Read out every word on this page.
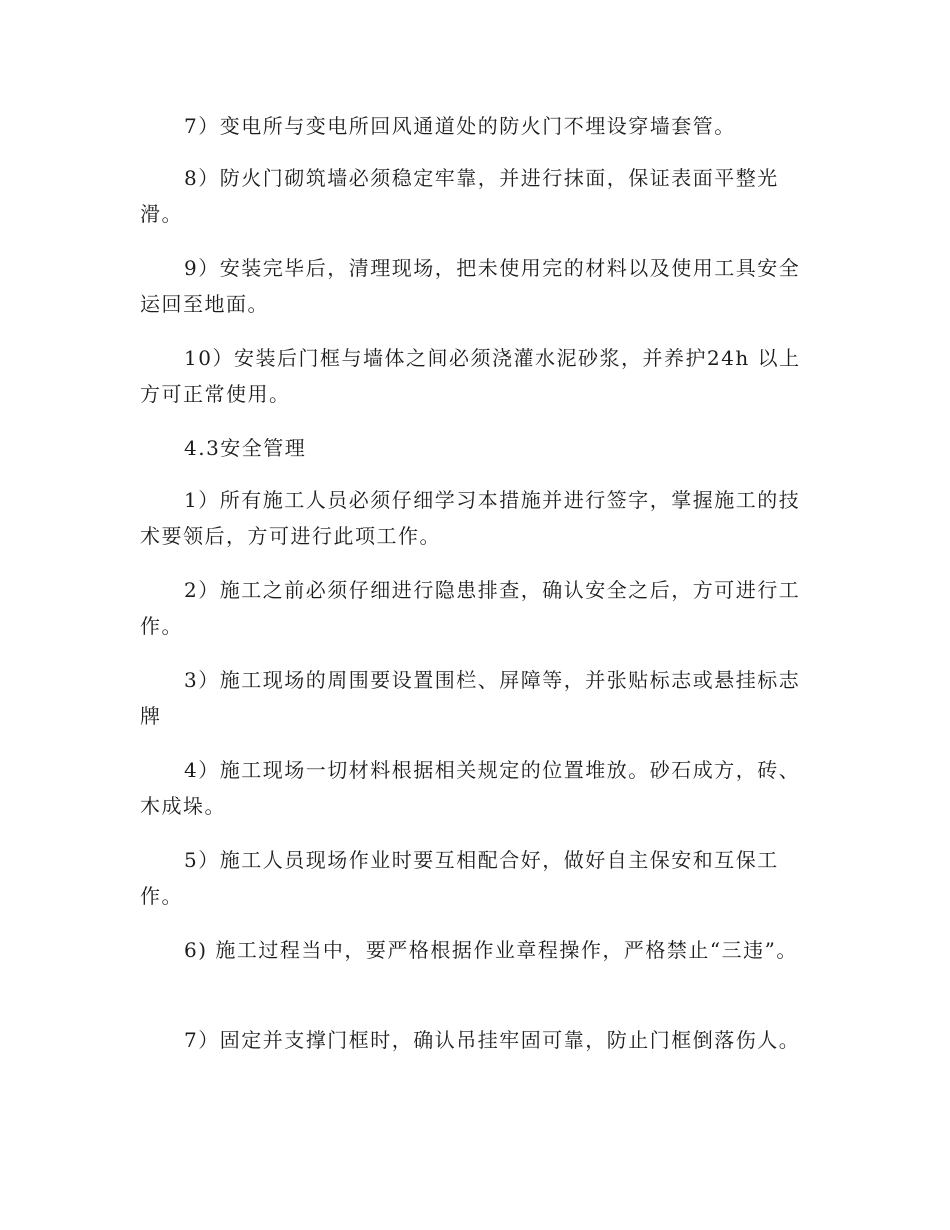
7）变电所与变电所回风通道处的防火门不埋设穿墙套管。

8）防火门砌筑墙必须稳定牢靠，并进行抹面，保证表面平整光滑。

9）安装完毕后，清理现场，把未使用完的材料以及使用工具安全运回至地面。

10）安装后门框与墙体之间必须浇灌水泥砂浆，并养护24h 以上方可正常使用。

4.3安全管理

1）所有施工人员必须仔细学习本措施并进行签字，掌握施工的技术要领后，方可进行此项工作。

2）施工之前必须仔细进行隐患排查，确认安全之后，方可进行工作。

3）施工现场的周围要设置围栏、屏障等，并张贴标志或悬挂标志牌

4）施工现场一切材料根据相关规定的位置堆放。砂石成方，砖、木成垛。

5）施工人员现场作业时要互相配合好，做好自主保安和互保工作。

6) 施工过程当中，要严格根据作业章程操作，严格禁止“三违”。

7）固定并支撑门框时，确认吊挂牢固可靠，防止门框倒落伤人。
